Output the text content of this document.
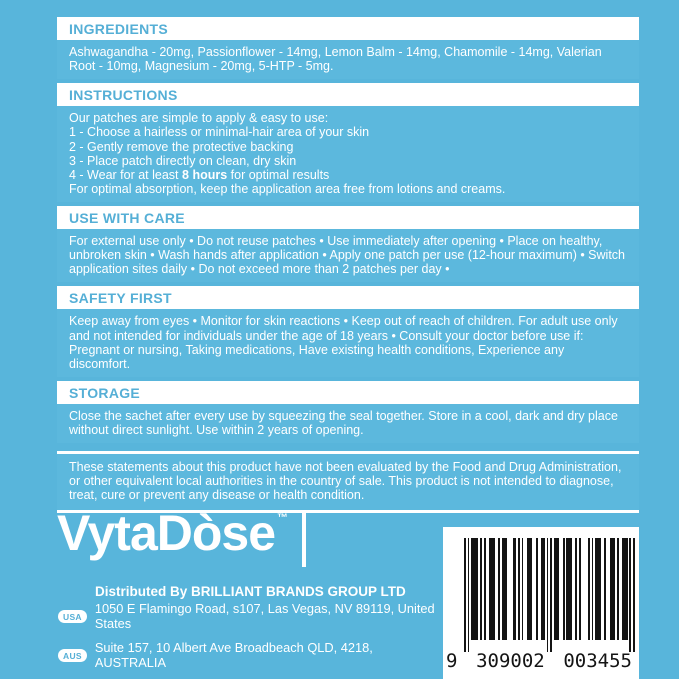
INGREDIENTS
Ashwagandha - 20mg, Passionflower - 14mg, Lemon Balm - 14mg, Chamomile - 14mg, Valerian Root - 10mg, Magnesium - 20mg, 5-HTP - 5mg.
INSTRUCTIONS
Our patches are simple to apply & easy to use:
1 - Choose a hairless or minimal-hair area of your skin
2 - Gently remove the protective backing
3 - Place patch directly on clean, dry skin
4 - Wear for at least 8 hours for optimal results
For optimal absorption, keep the application area free from lotions and creams.
USE WITH CARE
For external use only • Do not reuse patches • Use immediately after opening • Place on healthy, unbroken skin • Wash hands after application • Apply one patch per use (12-hour maximum) • Switch application sites daily • Do not exceed more than 2 patches per day •
SAFETY FIRST
Keep away from eyes • Monitor for skin reactions • Keep out of reach of children. For adult use only and not intended for individuals under the age of 18 years • Consult your doctor before use if: Pregnant or nursing, Taking medications, Have existing health conditions, Experience any discomfort.
STORAGE
Close the sachet after every use by squeezing the seal together. Store in a cool, dark and dry place without direct sunlight. Use within 2 years of opening.
These statements about this product have not been evaluated by the Food and Drug Administration, or other equivalent local authorities in the country of sale. This product is not intended to diagnose, treat, cure or prevent any disease or health condition.
VytaDòse ™
Distributed By BRILLIANT BRANDS GROUP LTD
USA
1050 E Flamingo Road, s107, Las Vegas, NV 89119, United States
AUS
Suite 157, 10 Albert Ave Broadbeach QLD, 4218, AUSTRALIA
Vytadose.com hello@vytadose.com
9 309002 003455
